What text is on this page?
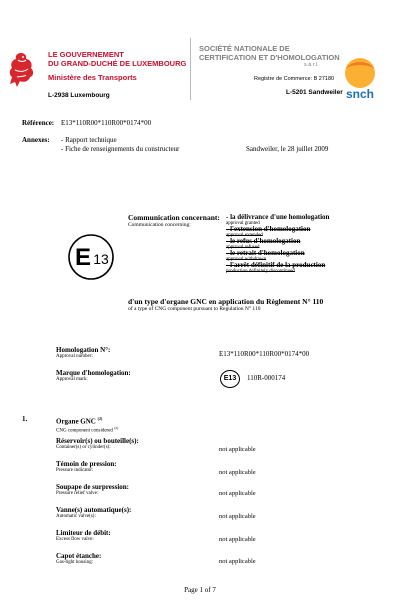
LE GOUVERNEMENT
DU GRAND-DUCHÉ DE LUXEMBOURG
Ministère des Transports
L-2938 Luxembourg
SOCIÉTÉ NATIONALE DE
CERTIFICATION ET D'HOMOLOGATION
s.à r.l.
Registre de Commerce: B 27180
L-5201 Sandweiler snch
Référence: E13*110R00*110R00*0174*00
Annexes: - Rapport technique
- Fiche de renseignements du constructeur	Sandweiler, le 28 juillet 2009
E 13
Communication concernant:
Communication concerning:
- la délivrance d'une homologation
approval granted
- l'extension d'homologation
approval extended
- le refus d'homologation
approval refused
- le retrait d'homologation
approval withdrawn
- l'arrêt définitif de la production
production definitely discontinued
d'un type d'organe GNC en application du Règlement N° 110
of a type of CNG component pursuant to Regulation N° 110
Homologation N°:
Approval number:	E13*110R00*110R00*0174*00
Marque d'homologation:
Approval mark:	E13	110R-000174
1.	Organe GNC $^{(2)}$
CNG component considered $^{(2)}$
Réservoir(s) ou bouteille(s):
Container(s) or cylinder(s):	not applicable
Témoin de pression:
Pressure indicator:	not applicable
Soupape de surpression:
Pressure relief valve:	not applicable
Vanne(s) automatique(s):
Automatic valve(s):	not applicable
Limiteur de débit:
Excess flow valve:	not applicable
Capot étanche:
Gas-tight housing:	not applicable
Page 1 of 7
